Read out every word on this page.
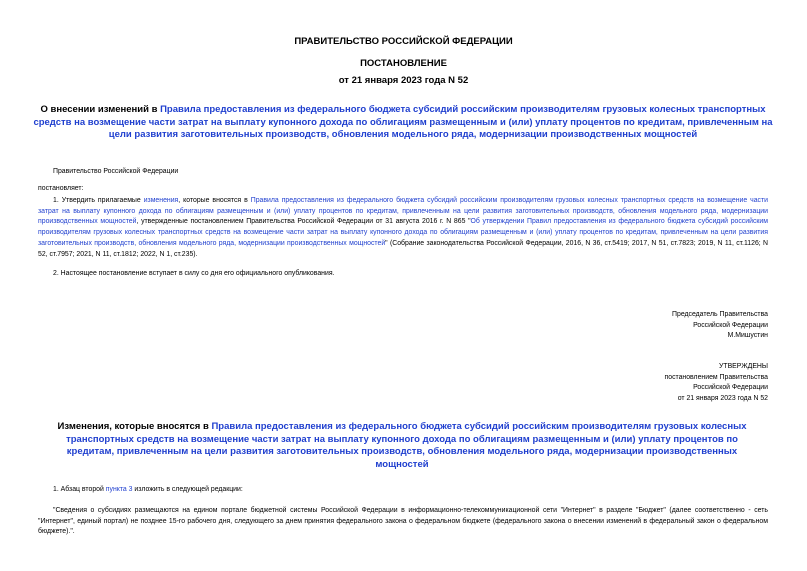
ПРАВИТЕЛЬСТВО РОССИЙСКОЙ ФЕДЕРАЦИИ
ПОСТАНОВЛЕНИЕ
от 21 января 2023 года N 52
О внесении изменений в Правила предоставления из федерального бюджета субсидий российским производителям грузовых колесных транспортных средств на возмещение части затрат на выплату купонного дохода по облигациям размещенным и (или) уплату процентов по кредитам, привлеченным на цели развития заготовительных производств, обновления модельного ряда, модернизации производственных мощностей
Правительство Российской Федерации
постановляет:
1. Утвердить прилагаемые изменения, которые вносятся в Правила предоставления из федерального бюджета субсидий российским производителям грузовых колесных транспортных средств на возмещение части затрат на выплату купонного дохода по облигациям размещенным и (или) уплату процентов по кредитам, привлеченным на цели развития заготовительных производств, обновления модельного ряда, модернизации производственных мощностей, утвержденные постановлением Правительства Российской Федерации от 31 августа 2016 г. N 865 "Об утверждении Правил предоставления из федерального бюджета субсидий российским производителям грузовых колесных транспортных средств на возмещение части затрат на выплату купонного дохода по облигациям размещенным и (или) уплату процентов по кредитам, привлеченным на цели развития заготовительных производств, обновления модельного ряда, модернизации производственных мощностей" (Собрание законодательства Российской Федерации, 2016, N 36, ст.5419; 2017, N 51, ст.7823; 2019, N 11, ст.1126; N 52, ст.7957; 2021, N 11, ст.1812; 2022, N 1, ст.235).
2. Настоящее постановление вступает в силу со дня его официального опубликования.
Председатель Правительства
Российской Федерации
М.Мишустин
УТВЕРЖДЕНЫ
постановлением Правительства
Российской Федерации
от 21 января 2023 года N 52
Изменения, которые вносятся в Правила предоставления из федерального бюджета субсидий российским производителям грузовых колесных транспортных средств на возмещение части затрат на выплату купонного дохода по облигациям размещенным и (или) уплату процентов по кредитам, привлеченным на цели развития заготовительных производств, обновления модельного ряда, модернизации производственных мощностей
1. Абзац второй пункта 3 изложить в следующей редакции:
"Сведения о субсидиях размещаются на едином портале бюджетной системы Российской Федерации в информационно-телекоммуникационной сети "Интернет" в разделе "Бюджет" (далее соответственно - сеть "Интернет", единый портал) не позднее 15-го рабочего дня, следующего за днем принятия федерального закона о федеральном бюджете (федерального закона о внесении изменений в федеральный закон о федеральном бюджете).".
